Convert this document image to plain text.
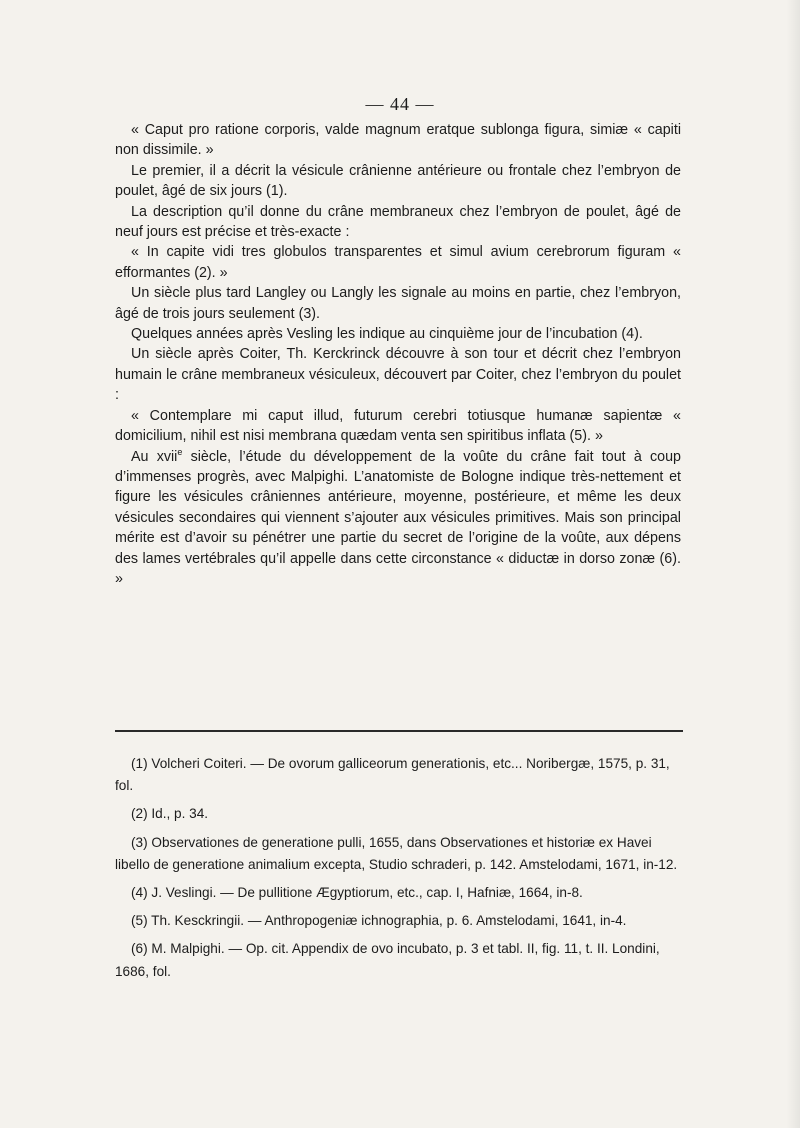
— 44 —

« Caput pro ratione corporis, valde magnum eratque sublonga figura, simiæ « capiti non dissimile. »

Le premier, il a décrit la vésicule crânienne antérieure ou frontale chez l’embryon de poulet, âgé de six jours (1).

La description qu’il donne du crâne membraneux chez l’embryon de poulet, âgé de neuf jours est précise et très-exacte :

« In capite vidi tres globulos transparentes et simul avium cerebrorum figuram « efformantes (2). »

Un siècle plus tard Langley ou Langly les signale au moins en partie, chez l’embryon, âgé de trois jours seulement (3).

Quelques années après Vesling les indique au cinquième jour de l’incubation (4).

Un siècle après Coiter, Th. Kerckrinck découvre à son tour et décrit chez l’embryon humain le crâne membraneux vésiculeux, découvert par Coiter, chez l’embryon du poulet :

« Contemplare mi caput illud, futurum cerebri totiusque humanæ sapientæ « domicilium, nihil est nisi membrana quædam venta sen spiritibus inflata (5). »

Au xvii$^e$ siècle, l’étude du développement de la voûte du crâne fait tout à coup d’immenses progrès, avec Malpighi. L’anatomiste de Bologne indique très-nettement et figure les vésicules crâniennes antérieure, moyenne, postérieure, et même les deux vésicules secondaires qui viennent s’ajouter aux vésicules primitives. Mais son principal mérite est d’avoir su pénétrer une partie du secret de l’origine de la voûte, aux dépens des lames vertébrales qu’il appelle dans cette circonstance « diductæ in dorso zonæ (6). »

(1) Volcheri Coiteri. — De ovorum galliceorum generationis, etc... Noribergæ, 1575, p. 31, fol.

(2) Id., p. 34.

(3) Observationes de generatione pulli, 1655, dans Observationes et historiæ ex Havei libello de generatione animalium excepta, Studio schraderi, p. 142. Amstelodami, 1671, in-12.

(4) J. Veslingi. — De pullitione Ægyptiorum, etc., cap. I, Hafniæ, 1664, in-8.

(5) Th. Kesckringii. — Anthropogeniæ ichnographia, p. 6. Amstelodami, 1641, in-4.

(6) M. Malpighi. — Op. cit. Appendix de ovo incubato, p. 3 et tabl. II, fig. 11, t. II. Londini, 1686, fol.
